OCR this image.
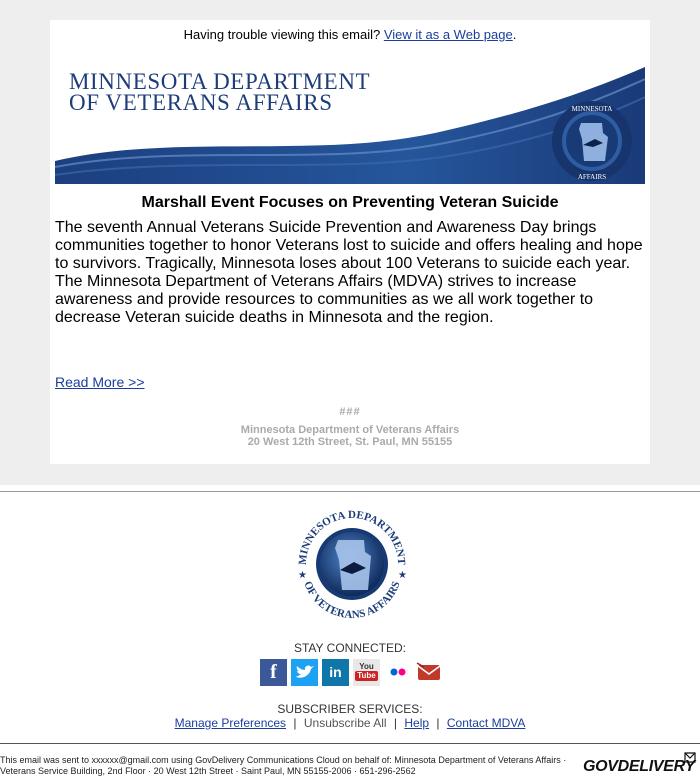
Having trouble viewing this email? View it as a Web page.
MINNESOTA
AFFAIRS
MINNESOTA DEPARTMENT
OF VETERANS AFFAIRS
Marshall Event Focuses on Preventing Veteran Suicide
The seventh Annual Veterans Suicide Prevention and Awareness Day brings communities together to honor Veterans lost to suicide and offers healing and hope to survivors. Tragically, Minnesota loses about 100 Veterans to suicide each year. The Minnesota Department of Veterans Affairs (MDVA) strives to increase awareness and provide resources to communities as we all work together to decrease Veteran suicide deaths in Minnesota and the region.
Read More >>
###
Minnesota Department of Veterans Affairs
20 West 12th Street, St. Paul, MN 55155
MINNESOTA DEPARTMENT
OF VETERANS AFFAIRS
★	★
STAY CONNECTED:
f	in	You
Tube
SUBSCRIBER SERVICES:
Manage Preferences | Unsubscribe All | Help | Contact MDVA
This email was sent to xxxxxx@gmail.com using GovDelivery Communications Cloud on behalf of: Minnesota Department of Veterans Affairs · Veterans Service Building, 2nd Floor · 20 West 12th Street · Saint Paul, MN 55155-2006 · 651-296-2562	GOVDELIVERY
